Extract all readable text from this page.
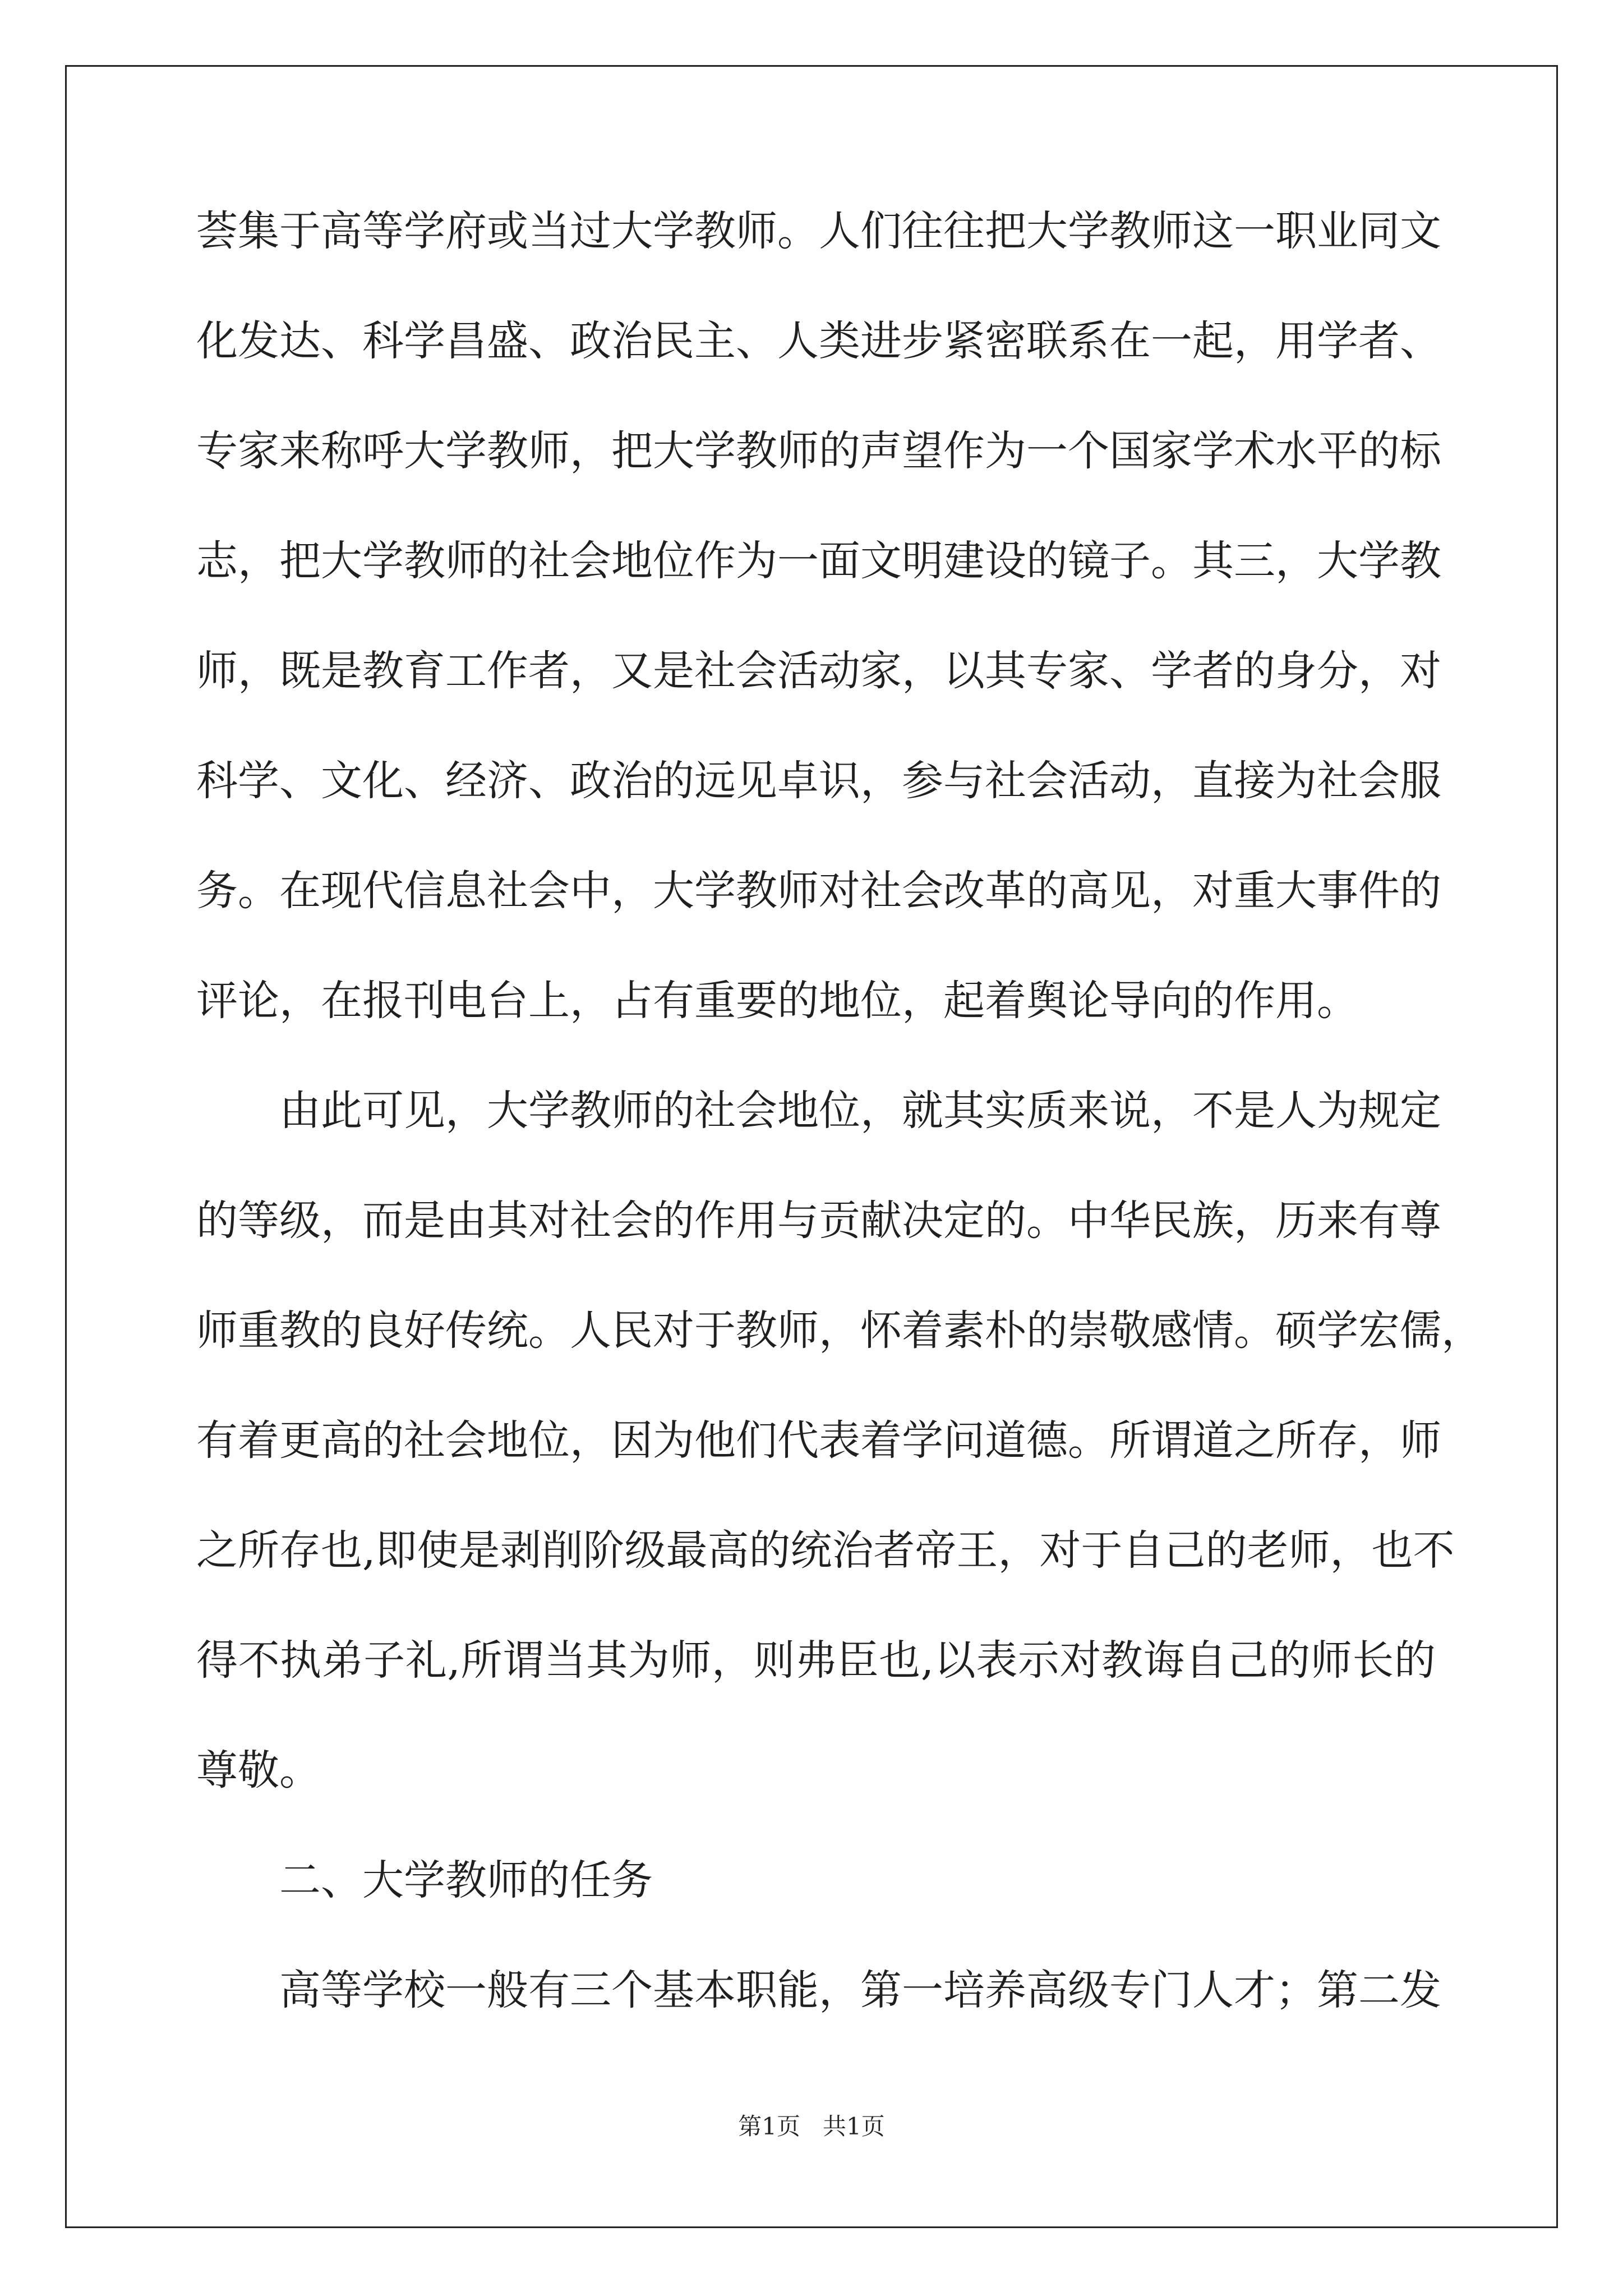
荟集于高等学府或当过大学教师。人们往往把大学教师这一职业同文
化发达、科学昌盛、政治民主、人类进步紧密联系在一起，用学者、
专家来称呼大学教师，把大学教师的声望作为一个国家学术水平的标
志，把大学教师的社会地位作为一面文明建设的镜子。其三，大学教
师，既是教育工作者，又是社会活动家，以其专家、学者的身分，对
科学、文化、经济、政治的远见卓识，参与社会活动，直接为社会服
务。在现代信息社会中，大学教师对社会改革的高见，对重大事件的
评论，在报刊电台上，占有重要的地位，起着舆论导向的作用。
由此可见，大学教师的社会地位，就其实质来说，不是人为规定
的等级，而是由其对社会的作用与贡献决定的。中华民族，历来有尊
师重教的良好传统。人民对于教师，怀着素朴的崇敬感情。硕学宏儒，
有着更高的社会地位，因为他们代表着学问道德。所谓道之所存，师
之所存也,即使是剥削阶级最高的统治者帝王，对于自己的老师，也不
得不执弟子礼,所谓当其为师，则弗臣也,以表示对教诲自己的师长的
尊敬。
二、大学教师的任务
高等学校一般有三个基本职能，第一培养高级专门人才；第二发
第1页   共1页
